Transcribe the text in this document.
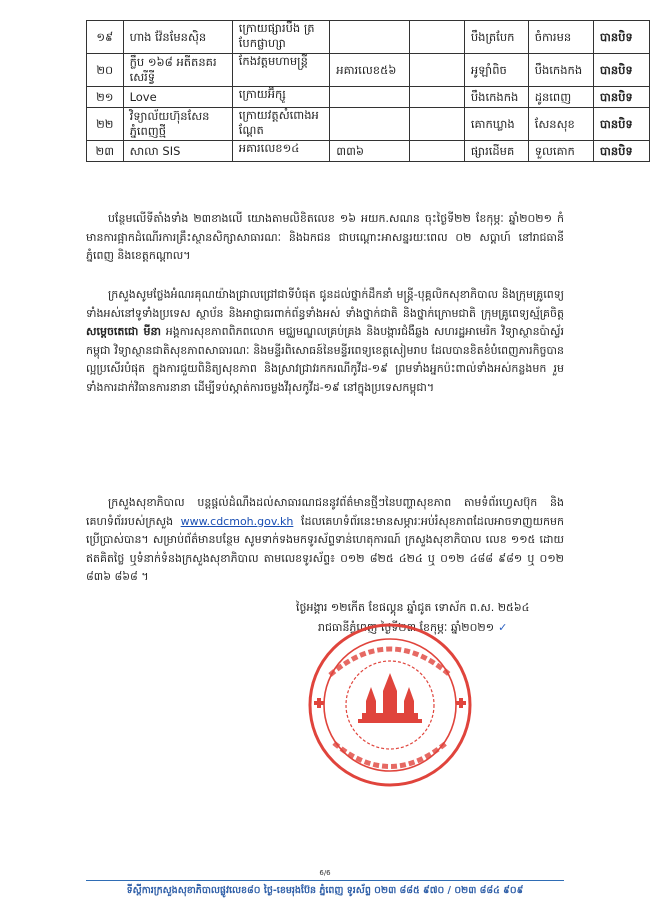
១៩	ហាង វ៉ែនមែនស៊ិន	ក្រោយផ្សារបឹង ត្របែកផ្លាហ្សា			បឹងត្របែក	ចំការមន	បានបិទ
២០	ក្លឹប ១៦៨ អតីតនគរសេរីទ្វី	កែងវត្តមហាមន្ត្រី	អគារលេខ៥៦		អូឡាំពិច	បឹងកេងកង	បានបិទ
២១	Love	ក្រោយអ៊ិក្សូ			បឹងកេងកង	ដូនពេញ	បានបិទ
២២	វិទ្យាល័យហ៊ុនសែនភ្នំពេញថ្មី	ក្រោយវត្តសំពោងអ ណ្តែត			គោកឃ្លាង	សែនសុខ	បានបិទ
២៣	សាលា SIS	អគារលេខ១៤	៣៣៦		ផ្សារដើមគ	ទួលគោក	បានបិទ
បន្ថែមលើទីតាំងទាំង ២៣ខាងលើ យោងតាមលិខិតលេខ ១៦ អយក.សណន ចុះថ្ងៃទី២២ ខែកុម្ភៈ ឆ្នាំ២០២១ កំមានការផ្អាកដំណើរការគ្រឹះស្ថានសិក្សាសាធារណៈ និងឯកជន ជាបណ្តោះអាសន្នរយៈពេល ០២ សប្តាហ៍ នៅរាជធានីភ្នំពេញ និងខេត្តកណ្ដាល។
ក្រសួងសូមថ្លែងអំណរគុណយ៉ាងជ្រាលជ្រៅជាទីបំផុត ជូនដល់ថ្នាក់ដឹកនាំ មន្ត្រី-បុគ្គលិកសុខាភិបាល និងក្រុមគ្រូពេទ្យទាំងអស់នៅទូទាំងប្រទេស ស្ថាប័ន និងអាជ្ញាធរពាក់ព័ន្ធទាំងអស់ ទាំងថ្នាក់ជាតិ និងថ្នាក់ក្រោមជាតិ ក្រុមគ្រូពេទ្យស្ម័គ្រចិត្ត សម្តេចតេជោ មីនា អង្គការសុខភាពពិភពលោក មជ្ឈមណ្ឌលគ្រប់គ្រង និងបង្ការជំងឺឆ្លង សហរដ្ឋអាមេរិក វិទ្យាស្ថានប៉ាស្ទ័រកម្ពុជា វិទ្យាស្ថានជាតិសុខភាពសាធារណៈ និងមន្ទីរពិសោធន៍នៃមន្ទីរពេទ្យខេត្តសៀមរាប ដែលបានខិតខំបំពេញភារកិច្ចបានល្អប្រសើរបំផុត ក្នុងការជួយពិនិត្យសុខភាព និងស្រាវជ្រាវរកករណីកូវីដ-១៩ ព្រមទាំងអ្នកប៉ះពាល់ទាំងអស់កន្លងមក រួមទាំងការដាក់វិធានការនានា ដើម្បីទប់ស្កាត់ការចម្លងវីរុសកូវីដ-១៩ នៅក្នុងប្រទេសកម្ពុជា។
ក្រសួងសុខាភិបាល បន្តផ្តល់ដំណឹងដល់សាធារណជននូវព័ត៌មានថ្មីៗនៃបញ្ហាសុខភាព តាមទំព័រហ្វេសប៊ុក និងគេហទំព័ររបស់ក្រសួង www.cdcmoh.gov.kh ដែលគេហទំព័រនេះមានសម្ភារៈអប់រំសុខភាពដែលអាចទាញយកមកប្រើប្រាស់បាន។ សម្រាប់ព័ត៌មានបន្ថែម សូមទាក់ទងមកទូរស័ព្ទទាន់ហេតុការណ៍ ក្រសួងសុខាភិបាល លេខ ១១៥ ដោយឥតគិតថ្លៃ ឬទំនាក់ទំនងក្រសួងសុខាភិបាល តាមលេខទូរស័ព្ទ៖ ០១២ ៨២៥ ៤២៤ ឬ ០១២ ៤៨៨ ៩៨១ ឬ ០១២ ៨៣៦ ៨៦៨ ។
ថ្ងៃអង្គារ ១២កើត ខែផល្គុន ឆ្នាំជូត ទោស័ក ព.ស. ២៥៦៤
រាជធានីភ្នំពេញ ថ្ងៃទី២៣ ខែកុម្ភៈ ឆ្នាំ២០២១ ✓
6/6
ទីស្តីការក្រសួងសុខាភិបាលផ្លូវលេខ៨០ ថ្ងៃ-ខេមរុងប៊ែន ភ្នំពេញ ទូរស័ព្ទ ០២៣ ៨៨៥ ៩៧០ / ០២៣ ៨៨៤ ៩០៩
